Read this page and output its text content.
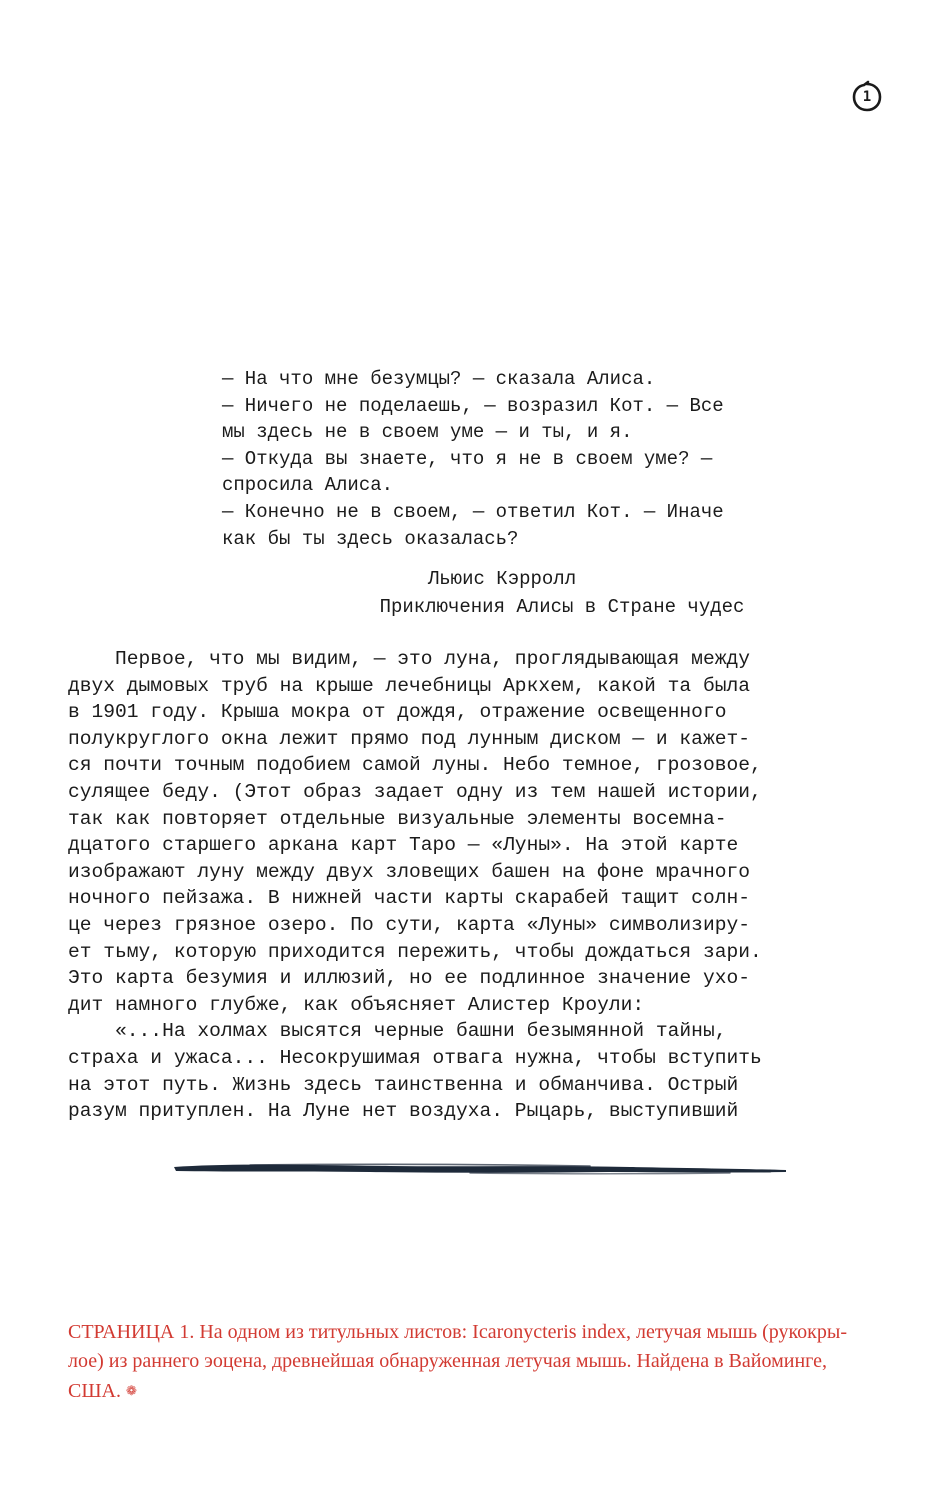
1
— На что мне безумцы? — сказала Алиса.
— Ничего не поделаешь, — возразил Кот. — Все
мы здесь не в своем уме — и ты, и я.
— Откуда вы знаете, что я не в своем уме? —
спросила Алиса.
— Конечно не в своем, — ответил Кот. — Иначе
как бы ты здесь оказалась?
Льюис Кэрролл
Приключения Алисы в Стране чудес
Первое, что мы видим, — это луна, проглядывающая между
двух дымовых труб на крыше лечебницы Аркхем, какой та была
в 1901 году. Крыша мокра от дождя, отражение освещенного
полукруглого окна лежит прямо под лунным диском — и кажет-
ся почти точным подобием самой луны. Небо темное, грозовое,
сулящее беду. (Этот образ задает одну из тем нашей истории,
так как повторяет отдельные визуальные элементы восемна-
дцатого старшего аркана карт Таро — «Луны». На этой карте
изображают луну между двух зловещих башен на фоне мрачного
ночного пейзажа. В нижней части карты скарабей тащит солн-
це через грязное озеро. По сути, карта «Луны» символизиру-
ет тьму, которую приходится пережить, чтобы дождаться зари.
Это карта безумия и иллюзий, но ее подлинное значение ухо-
дит намного глубже, как объясняет Алистер Кроули:
«...На холмах высятся черные башни безымянной тайны,
страха и ужаса... Несокрушимая отвага нужна, чтобы вступить
на этот путь. Жизнь здесь таинственна и обманчива. Острый
разум притуплен. На Луне нет воздуха. Рыцарь, выступивший
СТРАНИЦА 1. На одном из титульных листов: Icaronycteris index, летучая мышь (рукокры-
лое) из раннего эоцена, древнейшая обнаруженная летучая мышь. Найдена в Вайоминге,
США. ❁
